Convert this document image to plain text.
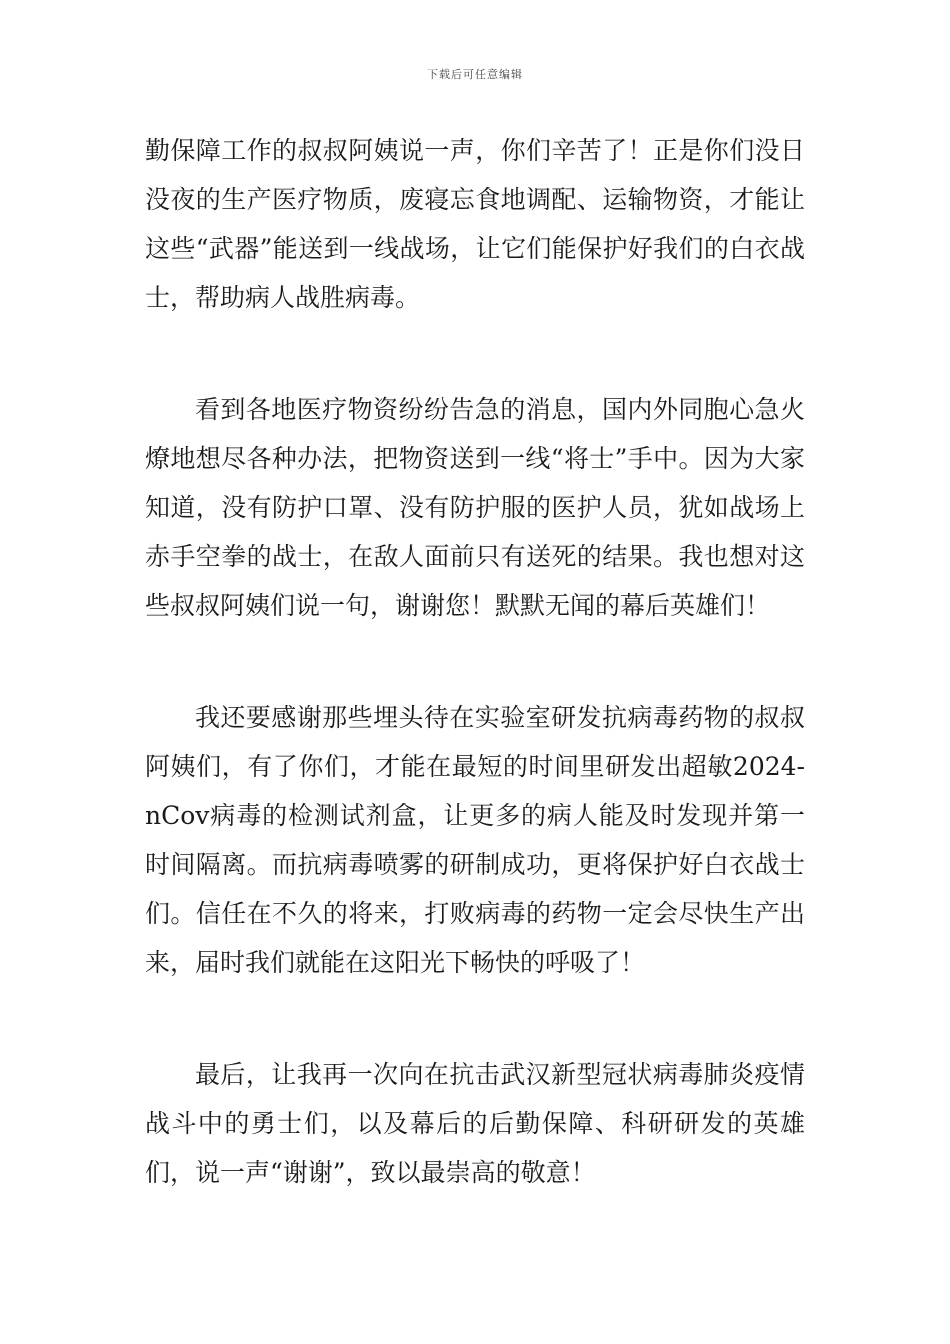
下载后可任意编辑

勤保障工作的叔叔阿姨说一声，你们辛苦了！正是你们没日没夜的生产医疗物质，废寝忘食地调配、运输物资，才能让这些“武器”能送到一线战场，让它们能保护好我们的白衣战士，帮助病人战胜病毒。

看到各地医疗物资纷纷告急的消息，国内外同胞心急火燎地想尽各种办法，把物资送到一线“将士”手中。因为大家知道，没有防护口罩、没有防护服的医护人员，犹如战场上赤手空拳的战士，在敌人面前只有送死的结果。我也想对这些叔叔阿姨们说一句，谢谢您！默默无闻的幕后英雄们！

我还要感谢那些埋头待在实验室研发抗病毒药物的叔叔阿姨们，有了你们，才能在最短的时间里研发出超敏2024-nCov病毒的检测试剂盒，让更多的病人能及时发现并第一时间隔离。而抗病毒喷雾的研制成功，更将保护好白衣战士们。信任在不久的将来，打败病毒的药物一定会尽快生产出来，届时我们就能在这阳光下畅快的呼吸了！

最后，让我再一次向在抗击武汉新型冠状病毒肺炎疫情战斗中的勇士们，以及幕后的后勤保障、科研研发的英雄们，说一声“谢谢”，致以最崇高的敬意！
